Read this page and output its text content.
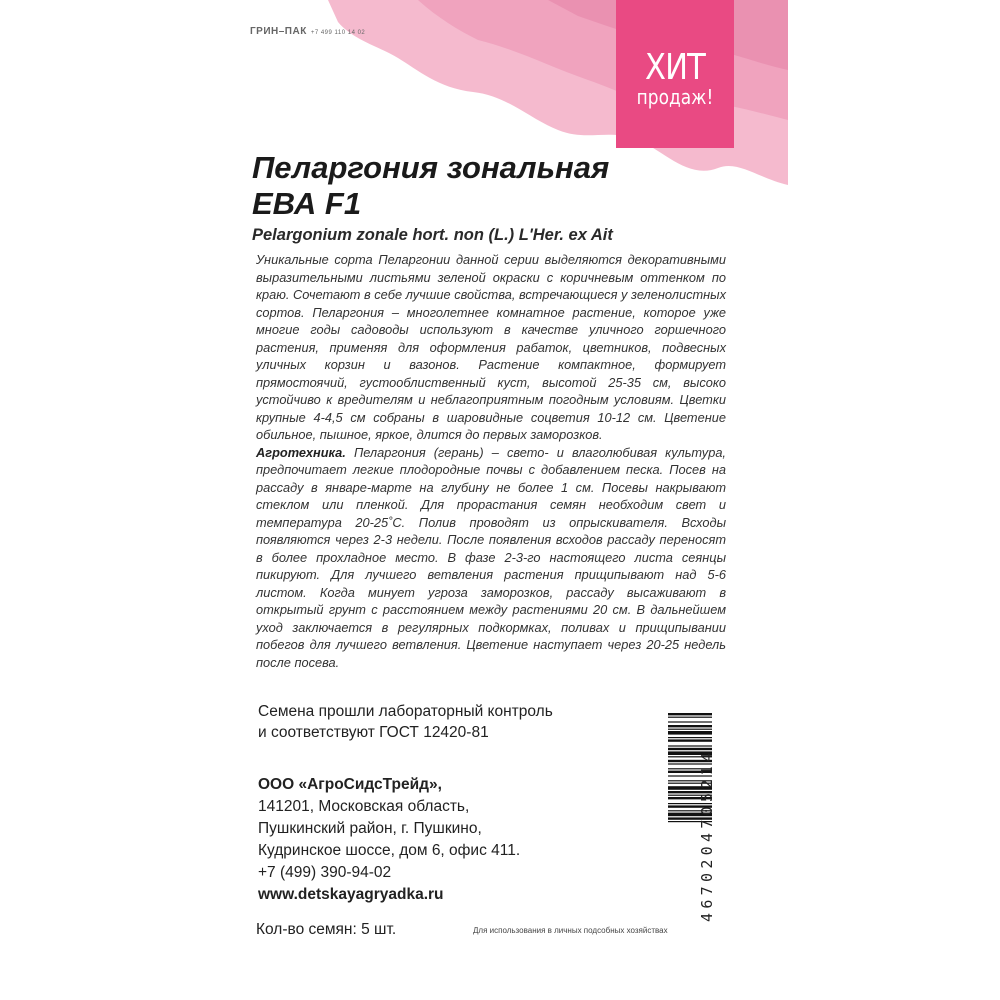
ГРИН–ПАК +7 499 110 14 02
ХИТ
продаж!
Пеларгония зональная
ЕВА F1
Pelargonium zonale hort. non (L.) L'Her. ex Ait

Уникальные сорта Пеларгонии данной серии выделяются декоративными выразительными листьями зеленой окраски с коричневым оттенком по краю. Сочетают в себе лучшие свойства, встречающиеся у зеленолистных сортов. Пеларгония – многолетнее комнатное растение, которое уже многие годы садоводы используют в качестве уличного горшечного растения, применяя для оформления рабаток, цветников, подвесных уличных корзин и вазонов. Растение компактное, формирует прямостоячий, густооблиственный куст, высотой 25-35 см, высоко устойчиво к вредителям и неблагоприятным погодным условиям. Цветки крупные 4-4,5 см собраны в шаровидные соцветия 10-12 см. Цветение обильное, пышное, яркое, длится до первых заморозков.

Агротехника. Пеларгония (герань) – свето- и влаголюбивая культура, предпочитает легкие плодородные почвы с добавлением песка. Посев на рассаду в январе-марте на глубину не более 1 см. Посевы накрывают стеклом или пленкой. Для прорастания семян необходим свет и температура 20-25˚С. Полив проводят из опрыскивателя. Всходы появляются через 2-3 недели. После появления всходов рассаду переносят в более прохладное место. В фазе 2-3-го настоящего листа сеянцы пикируют. Для лучшего ветвления растения прищипывают над 5-6 листом. Когда минует угроза заморозков, рассаду высаживают в открытый грунт с расстоянием между растениями 20 см. В дальнейшем уход заключается в регулярных подкормках, поливах и прищипывании побегов для лучшего ветвления. Цветение наступает через 20-25 недель после посева.

Семена прошли лабораторный контроль
и соответствуют ГОСТ 12420-81
ООО «АгроСидсТрейд»,
141201, Московская область,
Пушкинский район, г. Пушкино,
Кудринское шоссе, дом 6, офис 411.
+7 (499) 390-94-02
www.detskayagryadka.ru	4670204705214
Кол-во семян: 5 шт.	Для использования в личных подсобных хозяйствах
